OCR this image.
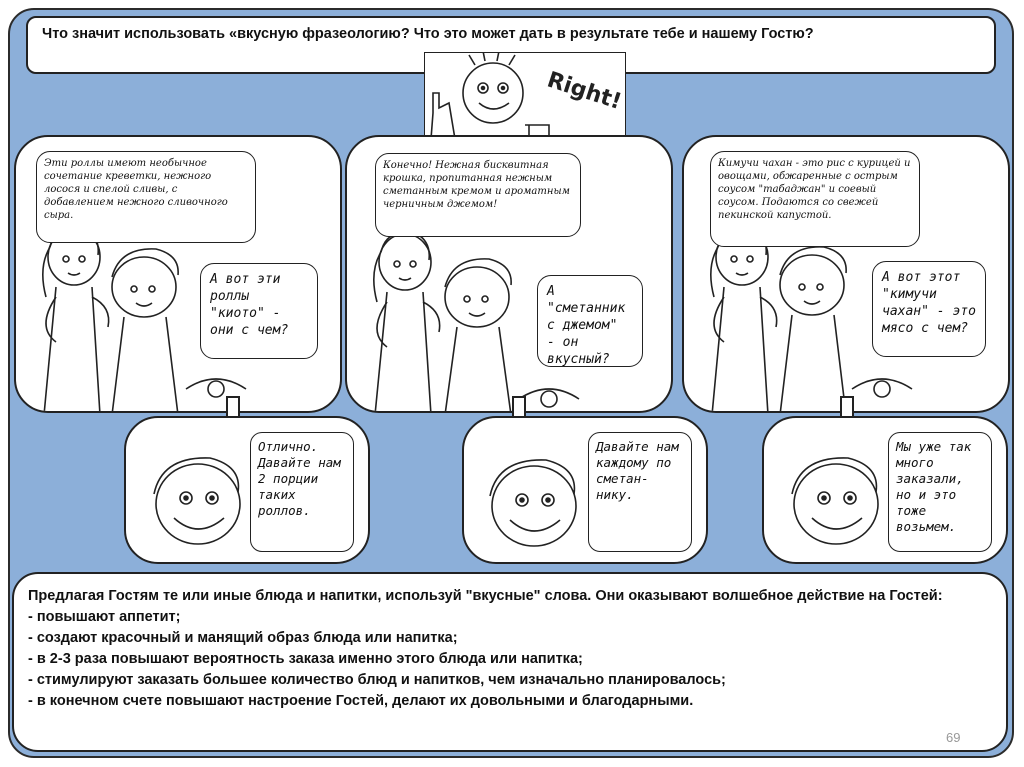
Что значит использовать «вкусную фразеологию? Что это может дать в результате тебе и нашему Гостю?
Right!
Эти роллы имеют необычное сочетание креветки, нежного лосося и спелой сливы, с добавлением нежного сливочного сыра.
А вот эти роллы "киото" - они с чем?
Конечно! Нежная бисквитная крошка, пропитанная нежным сметанным кремом и ароматным черничным джемом!
А "сметанник с джемом" - он вкусный?
Кимучи чахан - это рис с курицей и овощами, обжаренные с острым соусом "табаджан" и соевый соусом. Подаются со свежей пекинской капустой.
А вот этот "кимучи чахан" - это мясо с чем?
Отлично. Давайте нам 2 порции таких роллов.
Давайте нам каждому по сметан-нику.
Мы уже так много заказали, но и это тоже возьмем.

Предлагая Гостям те или иные блюда и напитки, используй "вкусные" слова. Они оказывают волшебное действие на Гостей:

- повышают аппетит;

- создают красочный и манящий образ блюда или напитка;

- в 2-3 раза повышают вероятность заказа именно этого блюда или напитка;

- стимулируют заказать большее количество блюд и напитков, чем изначально планировалось;

- в конечном счете повышают настроение Гостей, делают их довольными и благодарными.

69
